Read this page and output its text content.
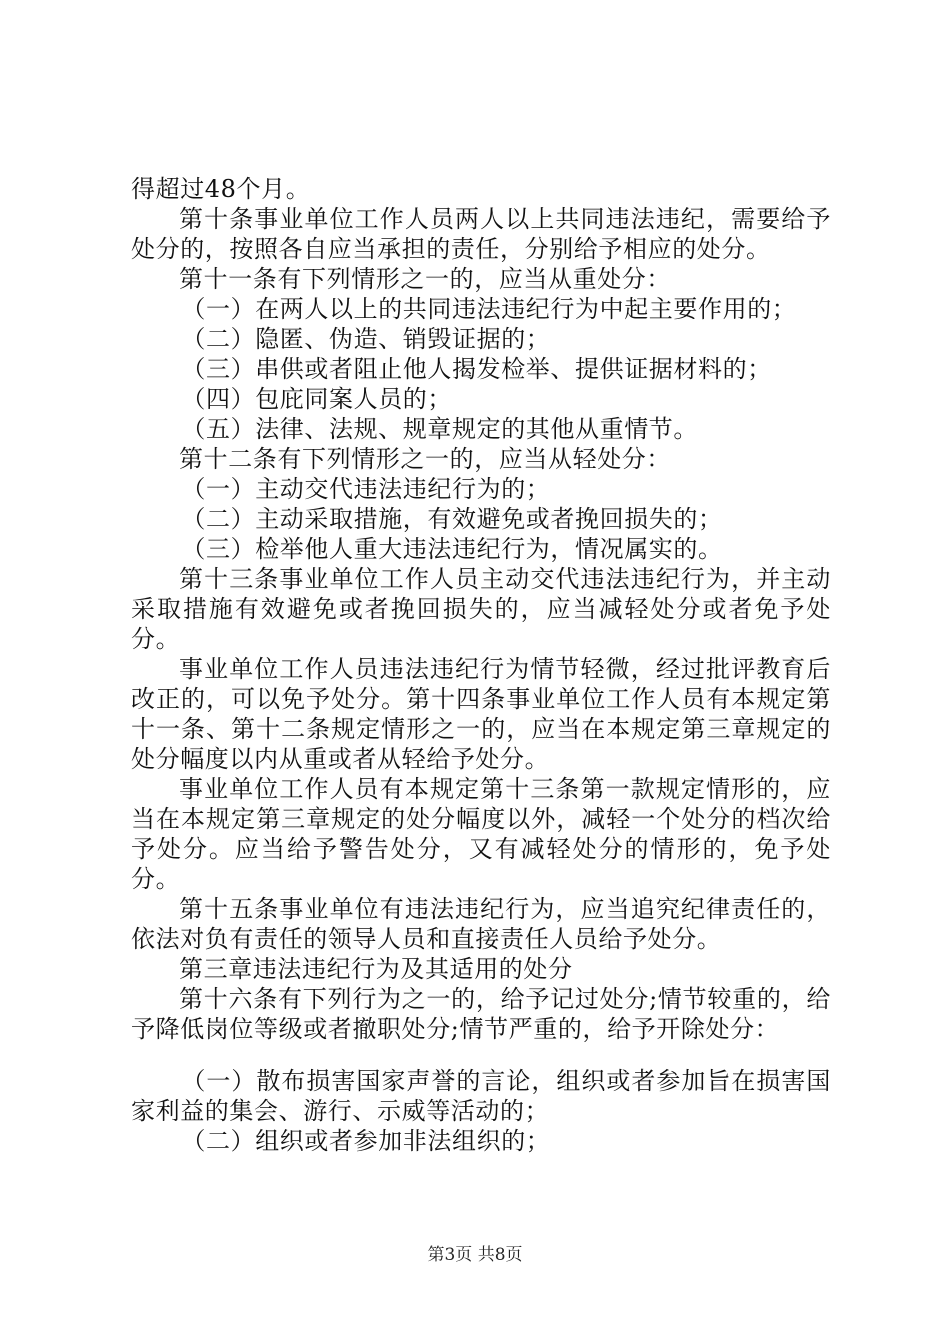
得超过48个月。

第十条事业单位工作人员两人以上共同违法违纪，需要给予处分的，按照各自应当承担的责任，分别给予相应的处分。

第十一条有下列情形之一的，应当从重处分：

（一）在两人以上的共同违法违纪行为中起主要作用的；

（二）隐匿、伪造、销毁证据的；

（三）串供或者阻止他人揭发检举、提供证据材料的；

（四）包庇同案人员的；

（五）法律、法规、规章规定的其他从重情节。

第十二条有下列情形之一的，应当从轻处分：

（一）主动交代违法违纪行为的；

（二）主动采取措施，有效避免或者挽回损失的；

（三）检举他人重大违法违纪行为，情况属实的。

第十三条事业单位工作人员主动交代违法违纪行为，并主动采取措施有效避免或者挽回损失的，应当减轻处分或者免予处分。

事业单位工作人员违法违纪行为情节轻微，经过批评教育后改正的，可以免予处分。第十四条事业单位工作人员有本规定第十一条、第十二条规定情形之一的，应当在本规定第三章规定的处分幅度以内从重或者从轻给予处分。

事业单位工作人员有本规定第十三条第一款规定情形的，应当在本规定第三章规定的处分幅度以外，减轻一个处分的档次给予处分。应当给予警告处分，又有减轻处分的情形的，免予处分。

第十五条事业单位有违法违纪行为，应当追究纪律责任的，依法对负有责任的领导人员和直接责任人员给予处分。

第三章违法违纪行为及其适用的处分

第十六条有下列行为之一的，给予记过处分;情节较重的，给予降低岗位等级或者撤职处分;情节严重的，给予开除处分：

（一）散布损害国家声誉的言论，组织或者参加旨在损害国家利益的集会、游行、示威等活动的；

（二）组织或者参加非法组织的；

第3页 共8页
